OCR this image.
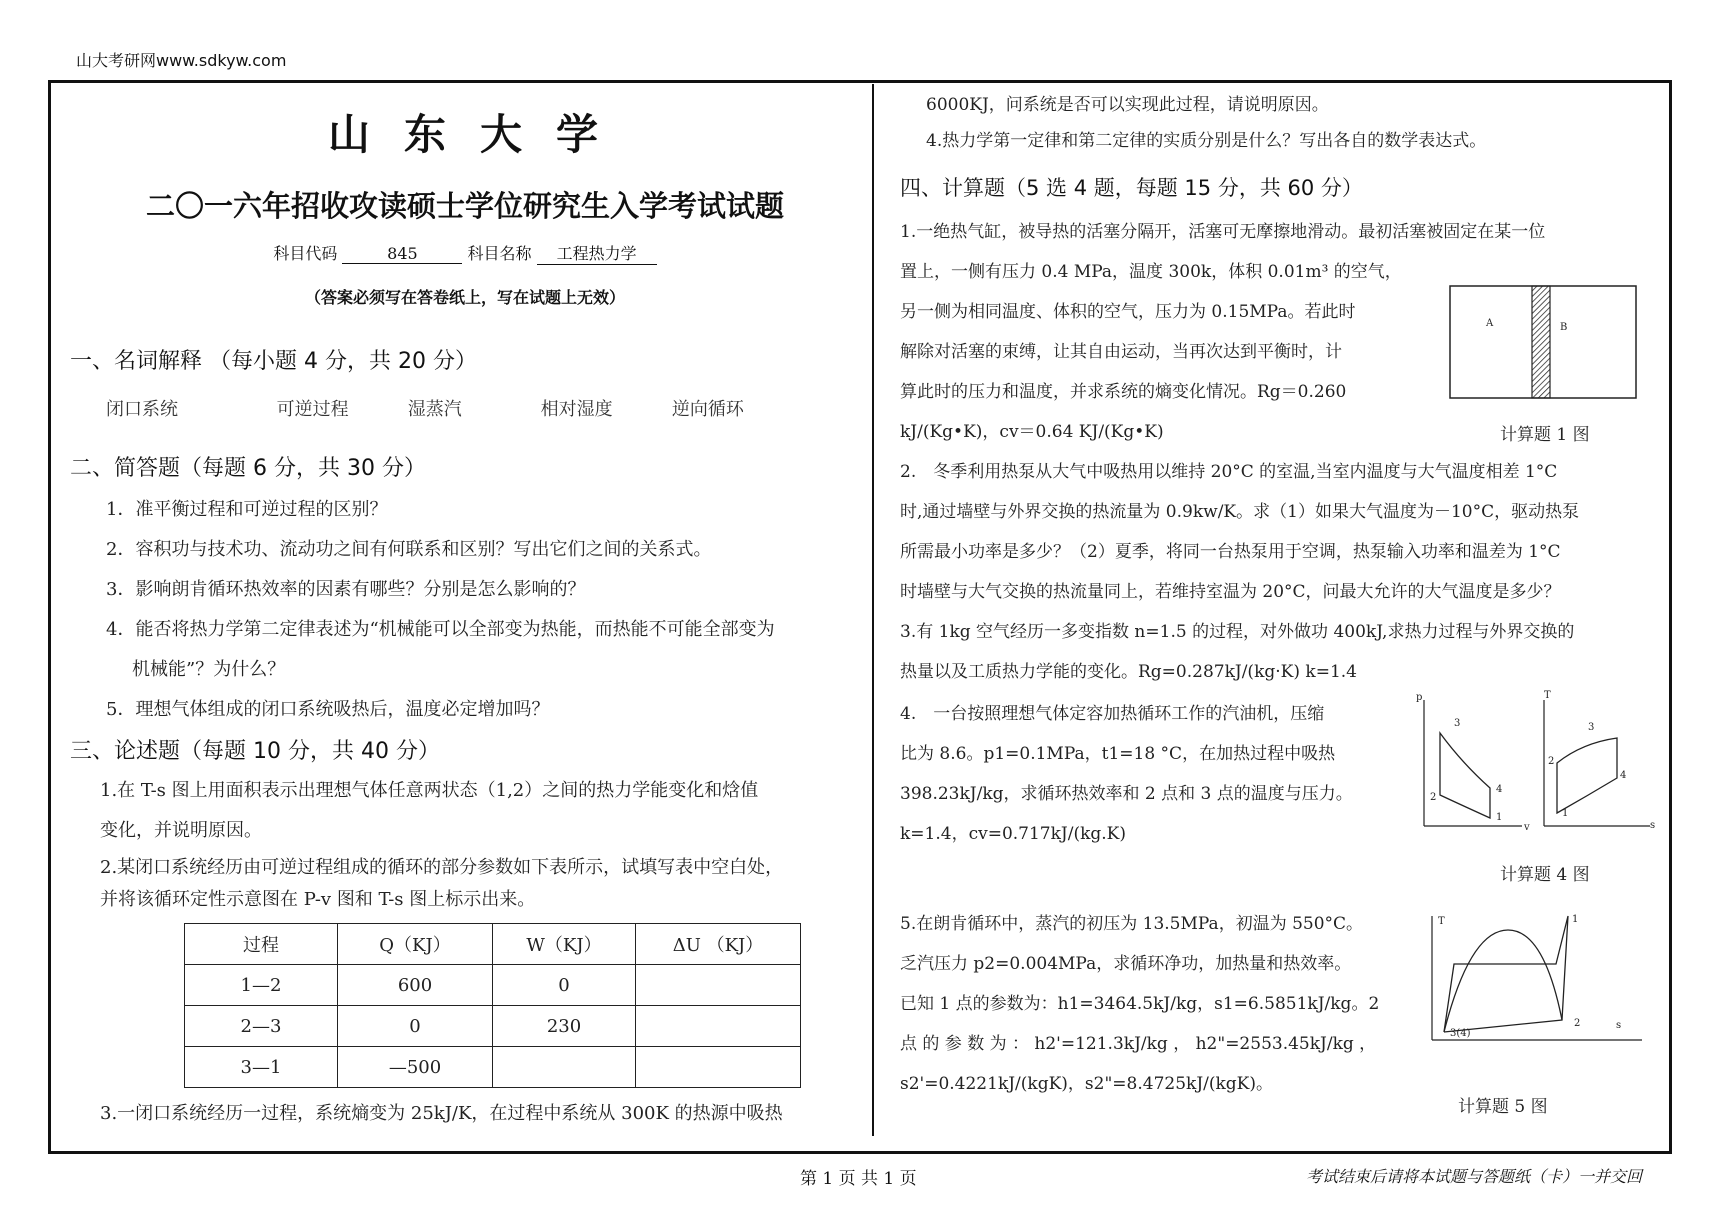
山大考研网www.sdkyw.com
山东大学
二〇一六年招收攻读硕士学位研究生入学考试试题
科目代码	845	科目名称 工程热力学
（答案必须写在答卷纸上，写在试题上无效）
一、名词解释 （每小题 4 分，共 20 分）
闭口系统	可逆过程	湿蒸汽	相对湿度	逆向循环
二、简答题（每题 6 分，共 30 分）
1．准平衡过程和可逆过程的区别？
2．容积功与技术功、流动功之间有何联系和区别？写出它们之间的关系式。
3．影响朗肯循环热效率的因素有哪些？分别是怎么影响的？
4．能否将热力学第二定律表述为“机械能可以全部变为热能，而热能不可能全部变为
机械能”？为什么？
5．理想气体组成的闭口系统吸热后，温度必定增加吗？
三、论述题（每题 10 分，共 40 分）
1.在 T-s 图上用面积表示出理想气体任意两状态（1,2）之间的热力学能变化和焓值
变化，并说明原因。
2.某闭口系统经历由可逆过程组成的循环的部分参数如下表所示，试填写表中空白处，
并将该循环定性示意图在 P-v 图和 T-s 图上标示出来。
过程	Q（KJ）	W（KJ）	ΔU （KJ）
1—2	600	0	
2—3	0	230	
3—1	—500		
3.一闭口系统经历一过程，系统熵变为 25kJ/K，在过程中系统从 300K 的热源中吸热
6000KJ，问系统是否可以实现此过程，请说明原因。
4.热力学第一定律和第二定律的实质分别是什么？写出各自的数学表达式。
四、计算题（5 选 4 题，每题 15 分，共 60 分）
1.一绝热气缸，被导热的活塞分隔开，活塞可无摩擦地滑动。最初活塞被固定在某一位
置上，一侧有压力 0.4 MPa，温度 300k，体积 0.01m³ 的空气，
另一侧为相同温度、体积的空气，压力为 0.15MPa。若此时
解除对活塞的束缚，让其自由运动，当再次达到平衡时，计
算此时的压力和温度，并求系统的熵变化情况。Rg＝0.260
kJ/(Kg•K)，cv＝0.64 KJ/(Kg•K)
2.　冬季利用热泵从大气中吸热用以维持 20°C 的室温,当室内温度与大气温度相差 1°C
时,通过墙壁与外界交换的热流量为 0.9kw/K。求（1）如果大气温度为－10°C，驱动热泵
所需最小功率是多少？（2）夏季，将同一台热泵用于空调，热泵输入功率和温差为 1°C
时墙壁与大气交换的热流量同上，若维持室温为 20°C，问最大允许的大气温度是多少？
3.有 1kg 空气经历一多变指数 n=1.5 的过程，对外做功 400kJ,求热力过程与外界交换的
热量以及工质热力学能的变化。Rg=0.287kJ/(kg·K) k=1.4
4.　一台按照理想气体定容加热循环工作的汽油机，压缩
比为 8.6。p1=0.1MPa，t1=18 °C，在加热过程中吸热
398.23kJ/kg，求循环热效率和 2 点和 3 点的温度与压力。
k=1.4，cv=0.717kJ/(kg.K)
5.在朗肯循环中，蒸汽的初压为 13.5MPa，初温为 550°C。
乏汽压力 p2=0.004MPa，求循环净功，加热量和热效率。
已知 1 点的参数为：h1=3464.5kJ/kg，s1=6.5851kJ/kg。2
点 的 参 数 为 ： h2'=121.3kJ/kg ， h2"=2553.45kJ/kg ，
s2'=0.4221kJ/(kgK)，s2"=8.4725kJ/(kgK)。
A	B
计算题 1 图
p
v
3
2
4
1
T
s
3
2
4
1
计算题 4 图
T
s
1
2
3(4)
计算题 5 图
第 1 页 共 1 页	考试结束后请将本试题与答题纸（卡）一并交回
